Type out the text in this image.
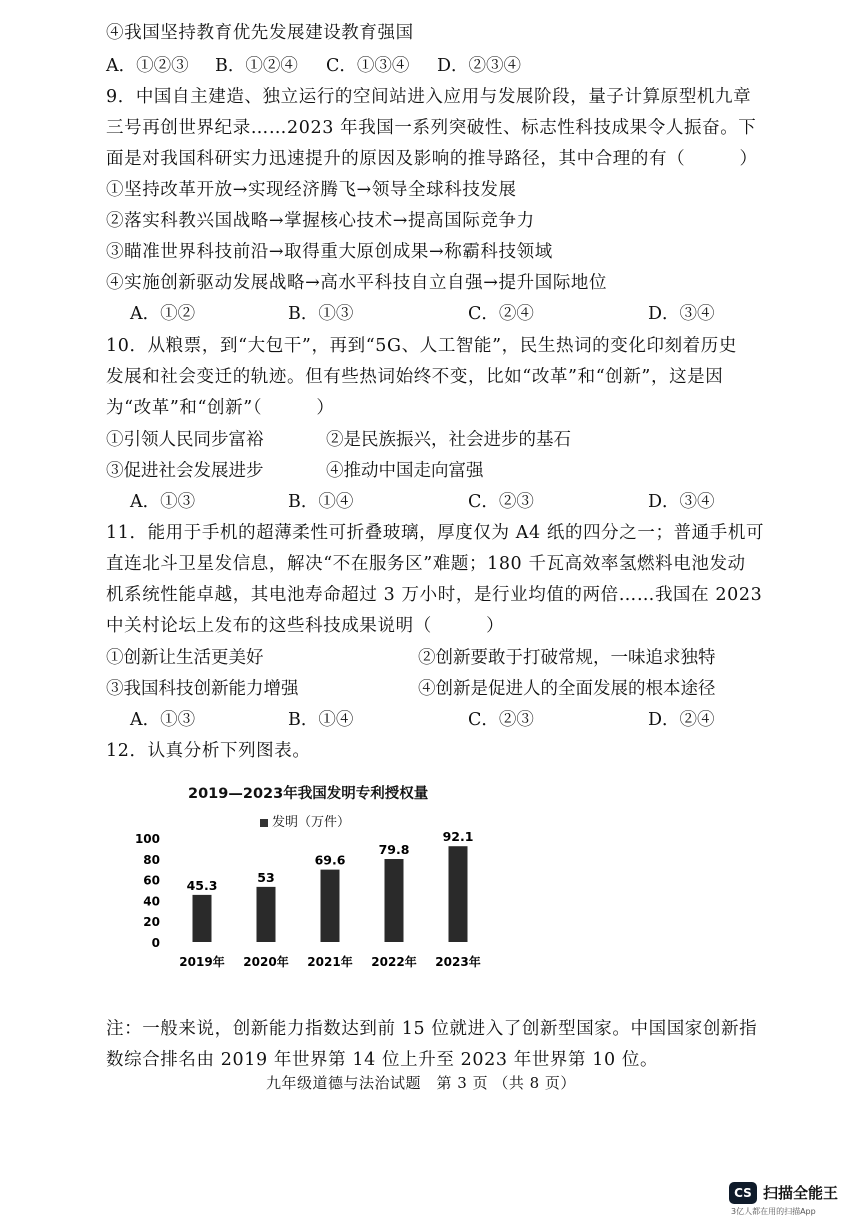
④我国坚持教育优先发展建设教育强国
A．①②③ B．①②④ C．①③④ D．②③④
9．中国自主建造、独立运行的空间站进入应用与发展阶段，量子计算原型机九章
三号再创世界纪录……2023 年我国一系列突破性、标志性科技成果令人振奋。下
面是对我国科研实力迅速提升的原因及影响的推导路径，其中合理的有（　　　）
①坚持改革开放→实现经济腾飞→领导全球科技发展
②落实科教兴国战略→掌握核心技术→提高国际竞争力
③瞄准世界科技前沿→取得重大原创成果→称霸科技领域
④实施创新驱动发展战略→高水平科技自立自强→提升国际地位
A．①②	B．①③	C．②④	D．③④
10．从粮票，到“大包干”，再到“5G、人工智能”，民生热词的变化印刻着历史
发展和社会变迁的轨迹。但有些热词始终不变，比如“改革”和“创新”，这是因
为“改革”和“创新”（　　　）
①引领人民同步富裕	②是民族振兴，社会进步的基石
③促进社会发展进步	④推动中国走向富强
A．①③	B．①④	C．②③	D．③④
11．能用于手机的超薄柔性可折叠玻璃，厚度仅为 A4 纸的四分之一；普通手机可
直连北斗卫星发信息，解决“不在服务区”难题；180 千瓦高效率氢燃料电池发动
机系统性能卓越，其电池寿命超过 3 万小时，是行业均值的两倍……我国在 2023
中关村论坛上发布的这些科技成果说明（　　　）
①创新让生活更美好	②创新要敢于打破常规，一味追求独特
③我国科技创新能力增强	④创新是促进人的全面发展的根本途径
A．①③	B．①④	C．②③	D．②④
12．认真分析下列图表。
2019—2023年我国发明专利授权量
发明（万件）
0
20
40
60
80
100
45.3
2019年
53
2020年
69.6
2021年
79.8
2022年
92.1
2023年
注：一般来说，创新能力指数达到前 15 位就进入了创新型国家。中国国家创新指
数综合排名由 2019 年世界第 14 位上升至 2023 年世界第 10 位。
九年级道德与法治试题　第 3 页 （共 8 页）
CS 扫描全能王
3亿人都在用的扫描App
